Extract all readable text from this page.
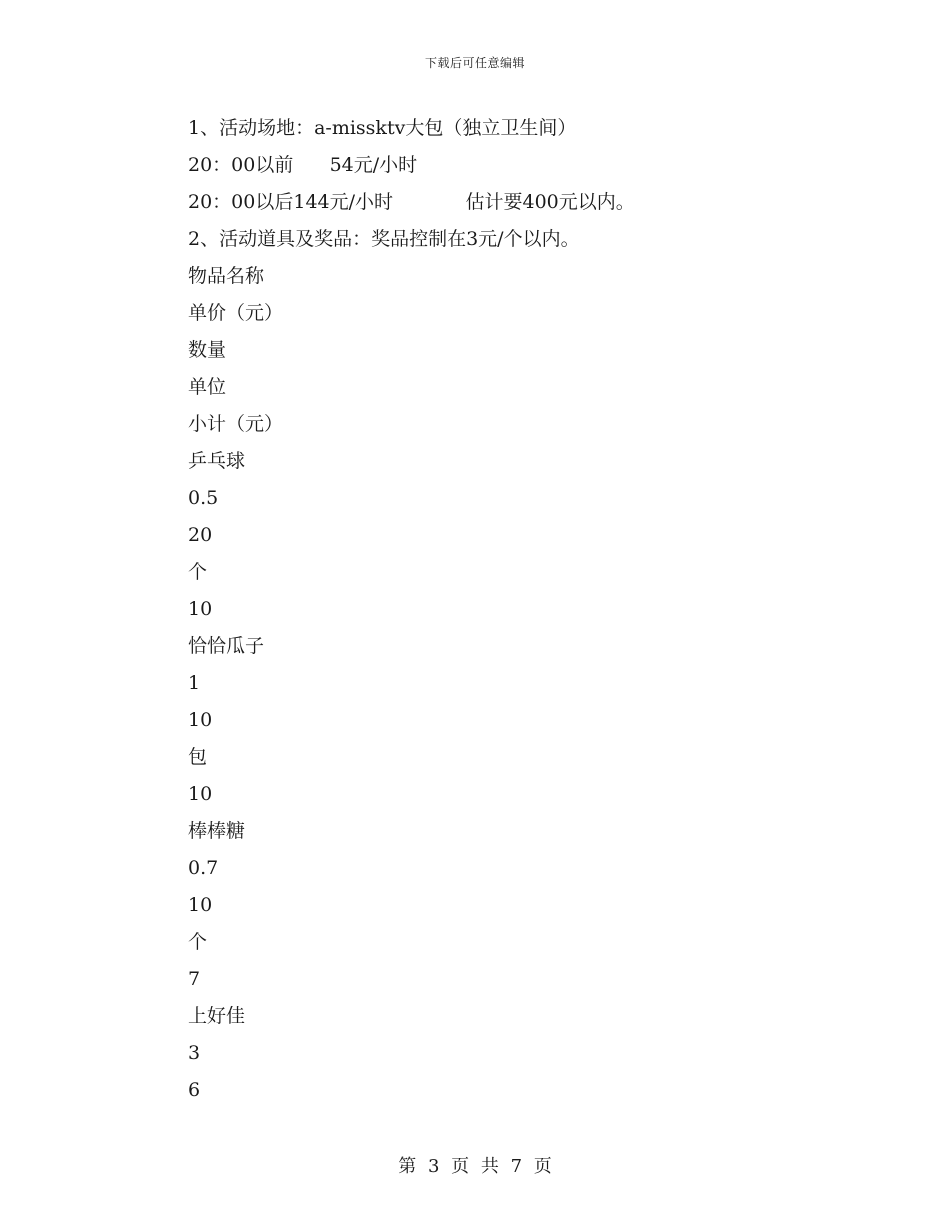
下载后可任意编辑
1、活动场地：a-missktv大包（独立卫生间）
20：00以前      54元/小时
20：00以后144元/小时            估计要400元以内。
2、活动道具及奖品：奖品控制在3元/个以内。
物品名称
单价（元）
数量
单位
小计（元）
乒乓球
0.5
20
个
10
恰恰瓜子
1
10
包
10
棒棒糖
0.7
10
个
7
上好佳
3
6
第 3 页 共 7 页
